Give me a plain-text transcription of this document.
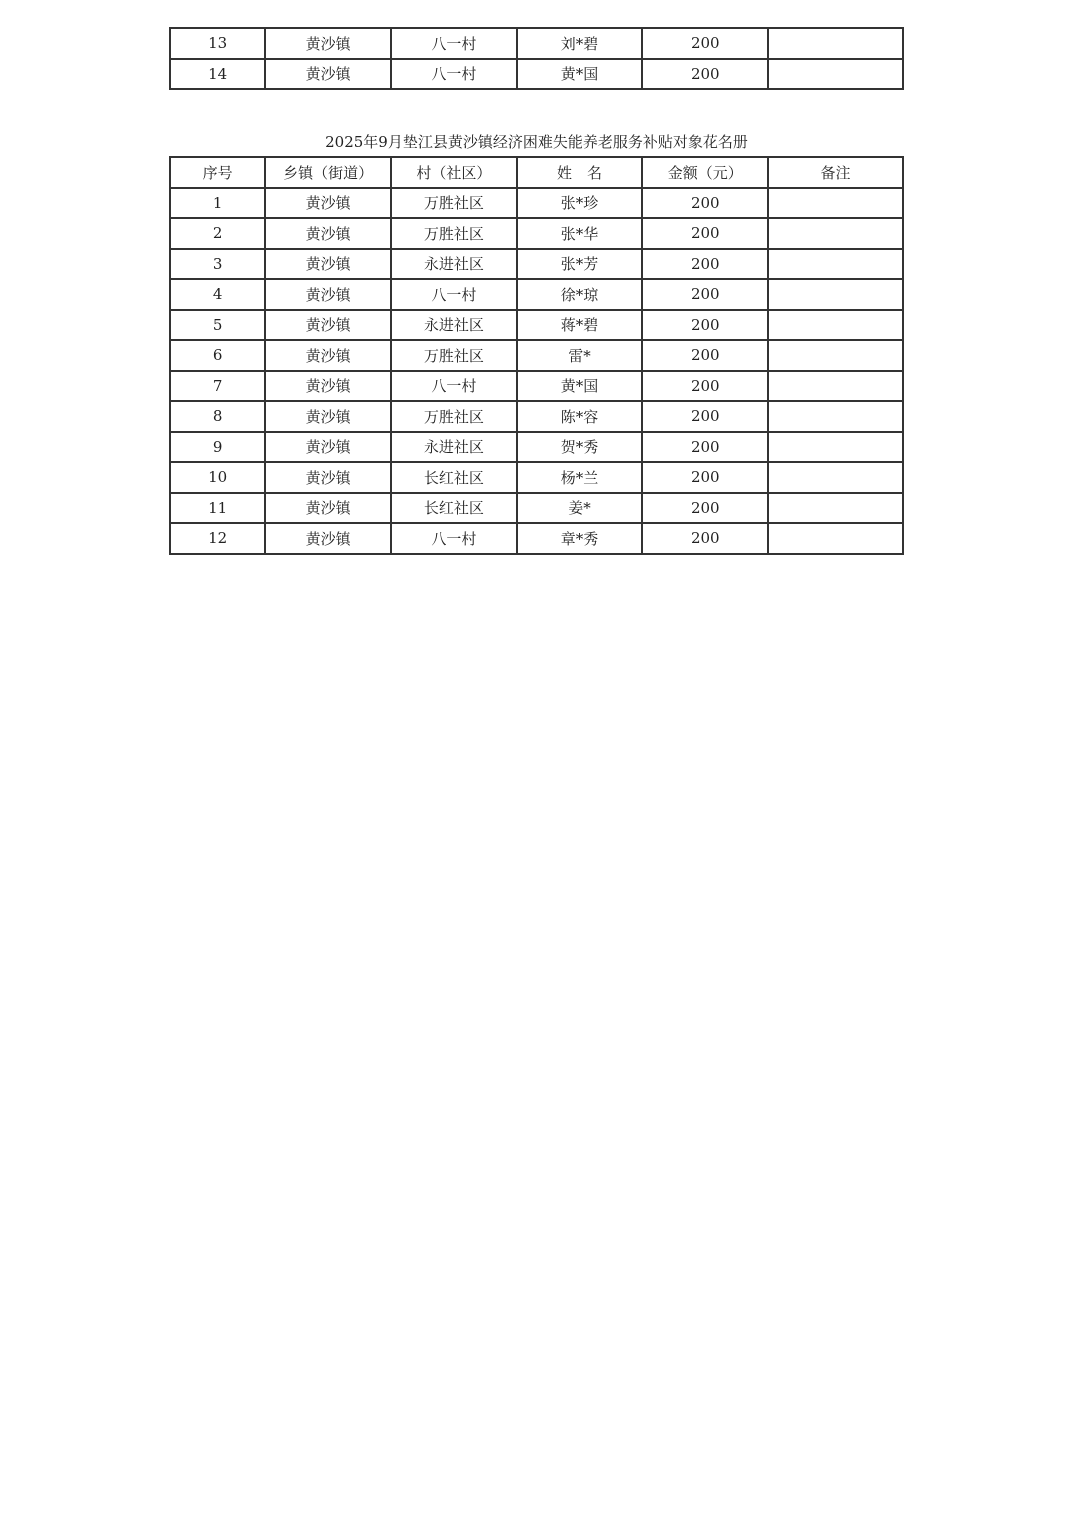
13	黄沙镇	八一村	刘*碧	200	
14	黄沙镇	八一村	黄*国	200	
2025年9月垫江县黄沙镇经济困难失能养老服务补贴对象花名册
序号	乡镇（街道）	村（社区）	姓　名	金额（元）	备注
1	黄沙镇	万胜社区	张*珍	200	
2	黄沙镇	万胜社区	张*华	200	
3	黄沙镇	永进社区	张*芳	200	
4	黄沙镇	八一村	徐*琼	200	
5	黄沙镇	永进社区	蒋*碧	200	
6	黄沙镇	万胜社区	雷*	200	
7	黄沙镇	八一村	黄*国	200	
8	黄沙镇	万胜社区	陈*容	200	
9	黄沙镇	永进社区	贺*秀	200	
10	黄沙镇	长红社区	杨*兰	200	
11	黄沙镇	长红社区	姜*	200	
12	黄沙镇	八一村	章*秀	200	
